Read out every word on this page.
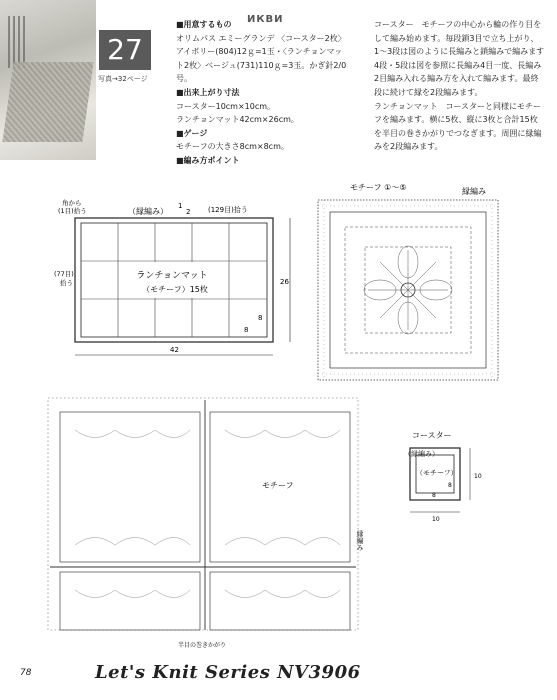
27
写真→32ページ
ИКВИ
■用意するもの
オリムパス エミーグランデ 〈コースター2枚〉
アイボリー(804)12ｇ=1玉・〈ランチョンマッ
ト2枚〉ベージュ(731)110ｇ=3玉。かぎ針2/0号。
■出来上がり寸法
コースター10cm×10cm。
ランチョンマット42cm×26cm。
■ゲージ
モチーフの大きさ8cm×8cm。
■編み方ポイント
コースター　モチーフの中心から輪の作り目を
して編み始めます。毎段鎖3目で立ち上がり、
1～3段は図のように長編みと鎖編みで編みます
4段・5段は図を参照に長編み4目一度、長編み
2目編み入れる編み方を入れて編みます。最終
段に続けて縁を2段編みます。
ランチョンマット　コースターと同様にモチー
フを編みます。横に5枚、縦に3枚と合計15枚
を半目の巻きかがりでつなぎます。周囲に縁編
みを2段編みます。
ランチョンマット
（モチーフ）15枚
（縁編み）
1
2	(129目)拾う
角から
(1目)拾う
(77目)
拾う
42
26
8
8
モチーフ ①～⑤	縁編み
モチーフ
縁編み
半目の巻きかがり
コースター
（縁編み）
（モチーフ）
8
8
10
10
78	Let's Knit Series NV3906
